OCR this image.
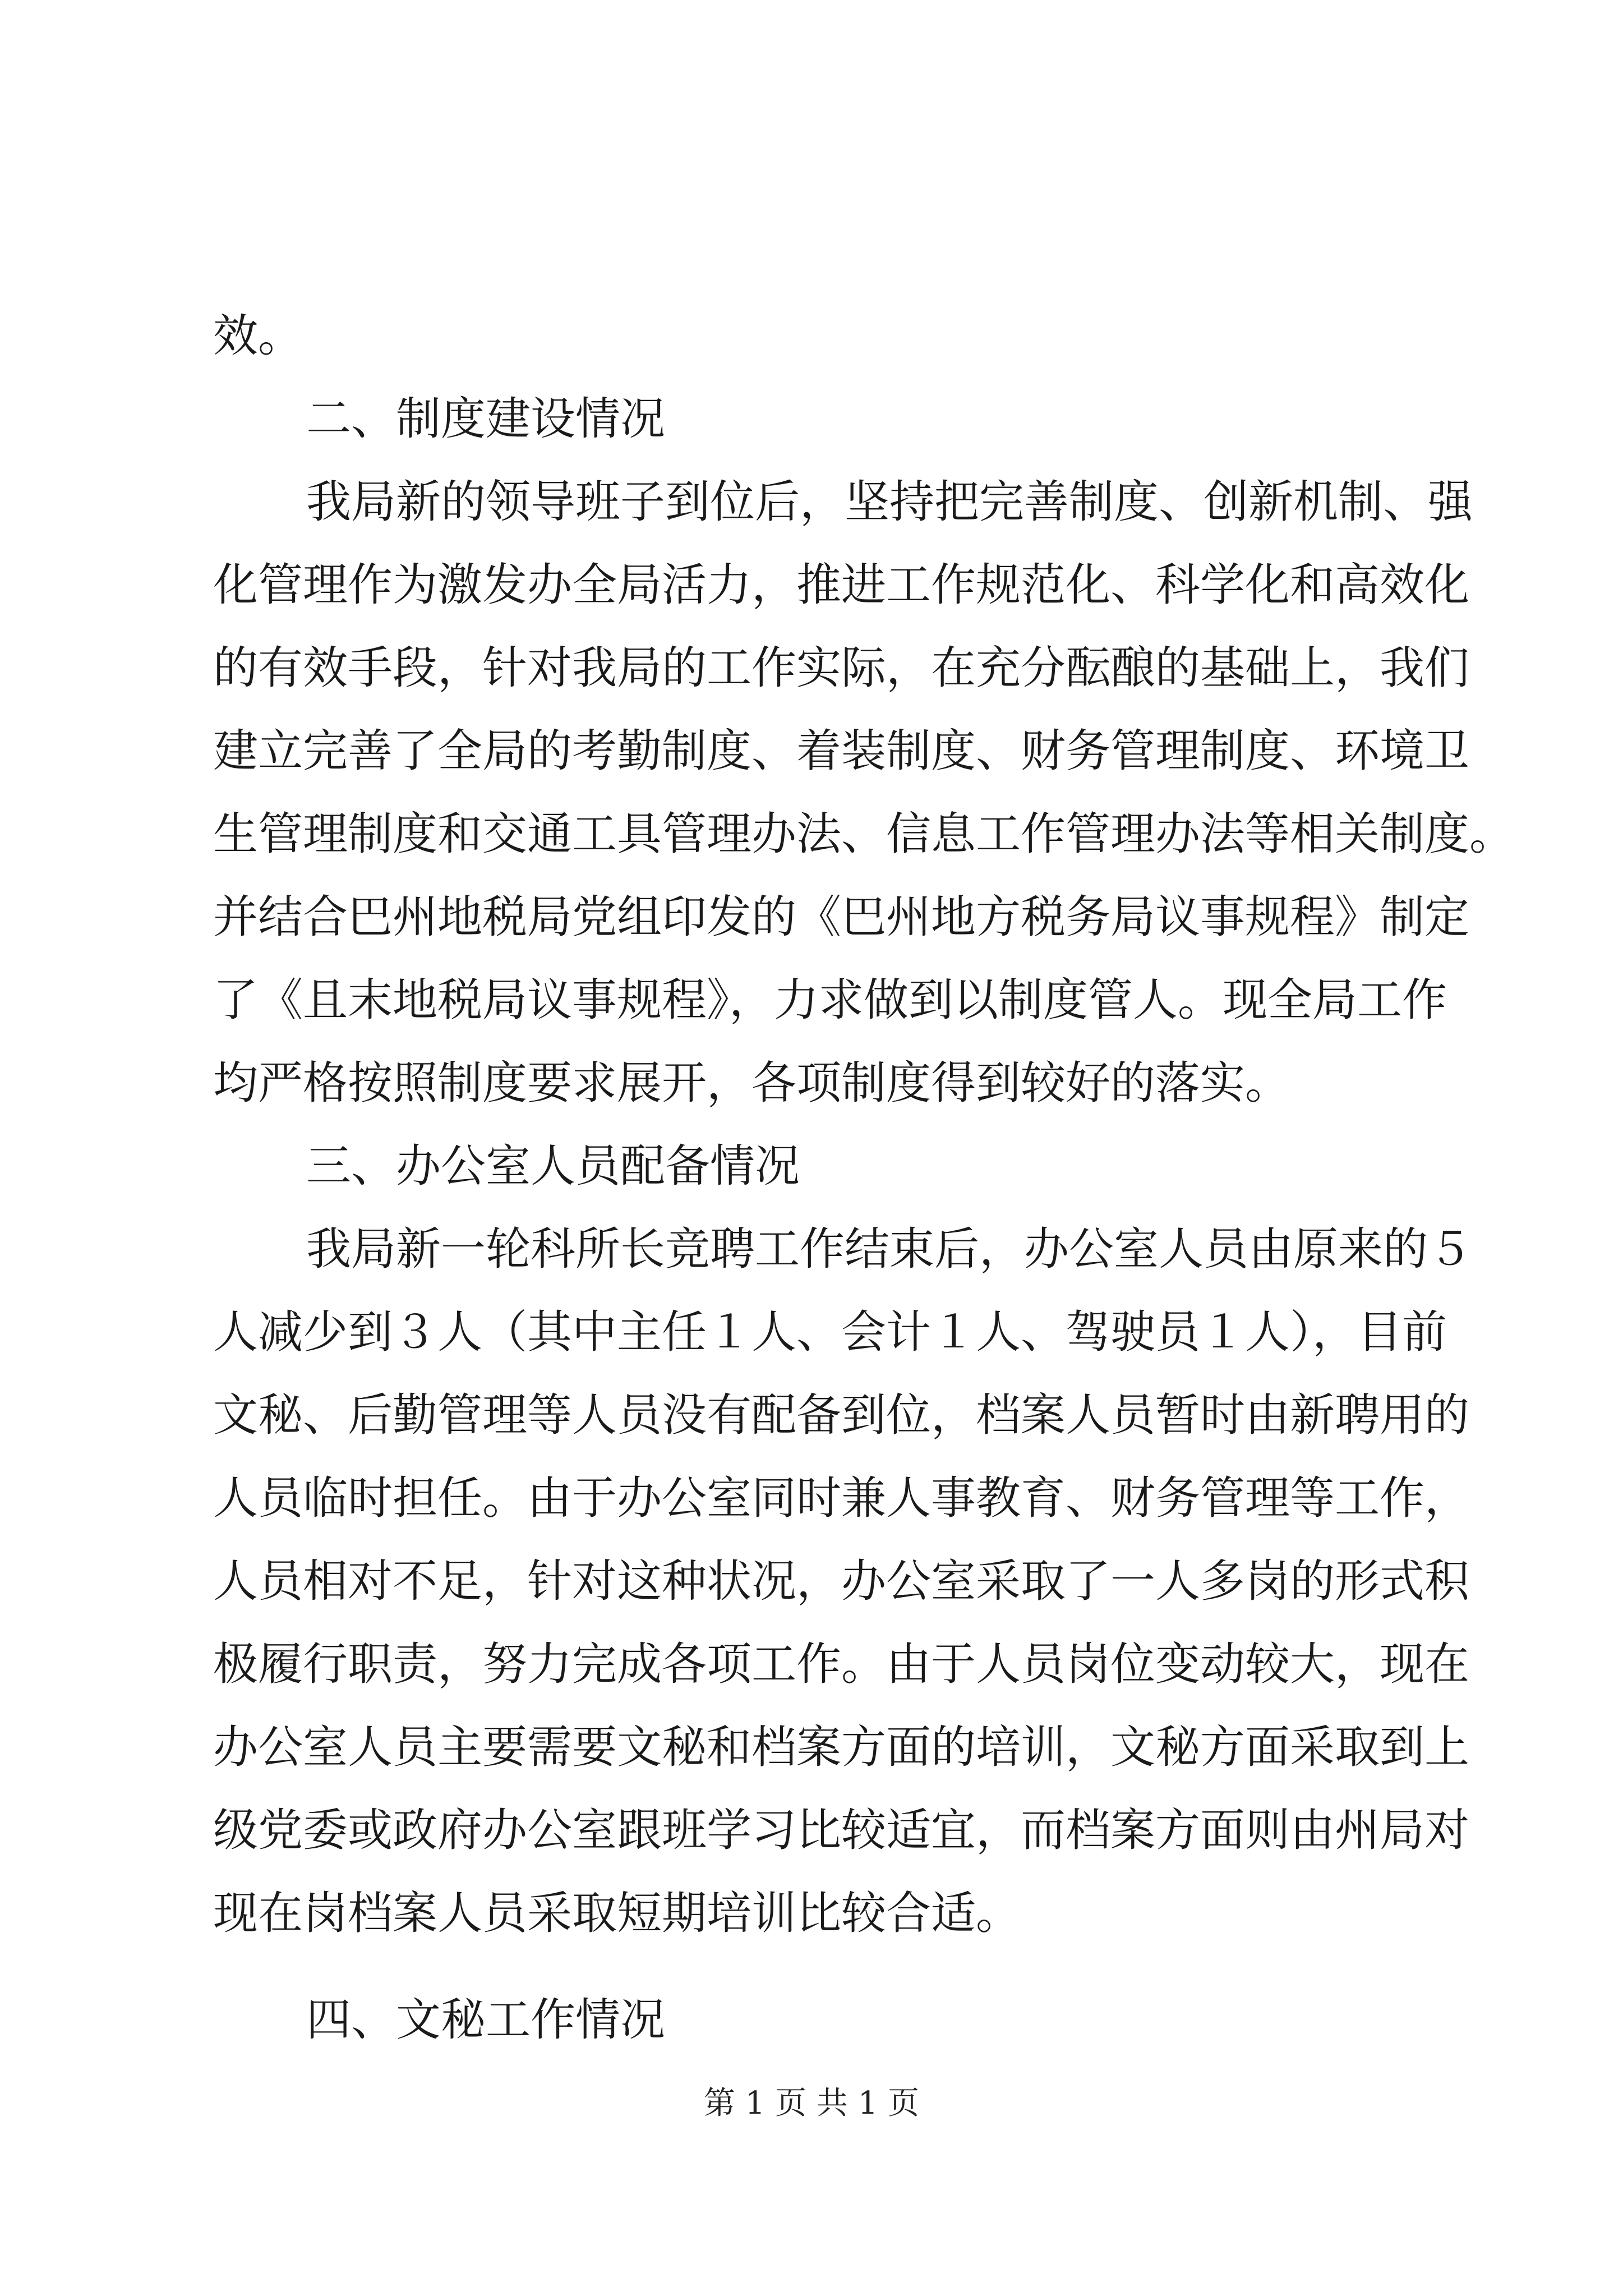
效。
二、制度建设情况
我局新的领导班子到位后，坚持把完善制度、创新机制、强
化管理作为激发办全局活力，推进工作规范化、科学化和高效化
的有效手段，针对我局的工作实际，在充分酝酿的基础上，我们
建立完善了全局的考勤制度、着装制度、财务管理制度、环境卫
生管理制度和交通工具管理办法、信息工作管理办法等相关制度。
并结合巴州地税局党组印发的《巴州地方税务局议事规程》制定
了《且末地税局议事规程》，力求做到以制度管人。现全局工作
均严格按照制度要求展开，各项制度得到较好的落实。
三、办公室人员配备情况
我局新一轮科所长竞聘工作结束后，办公室人员由原来的５
人减少到３人（其中主任１人、会计１人、驾驶员１人），目前
文秘、后勤管理等人员没有配备到位，档案人员暂时由新聘用的
人员临时担任。由于办公室同时兼人事教育、财务管理等工作，
人员相对不足，针对这种状况，办公室采取了一人多岗的形式积
极履行职责，努力完成各项工作。由于人员岗位变动较大，现在
办公室人员主要需要文秘和档案方面的培训，文秘方面采取到上
级党委或政府办公室跟班学习比较适宜，而档案方面则由州局对
现在岗档案人员采取短期培训比较合适。
四、文秘工作情况
第 1 页 共 1 页
